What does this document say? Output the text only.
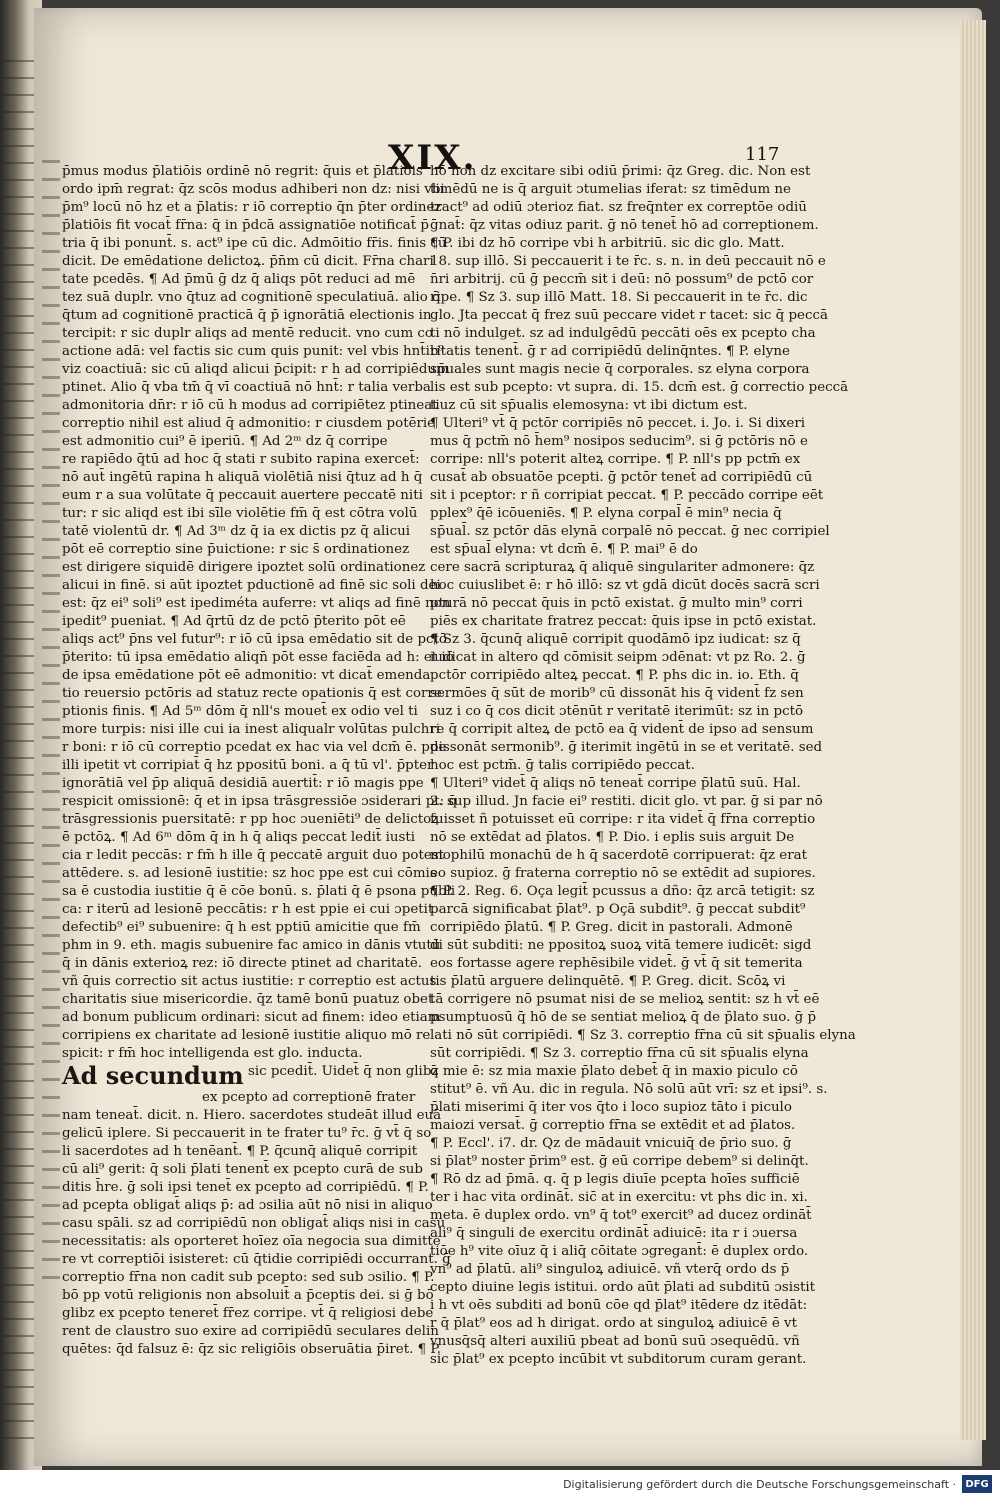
XIX.	117
p̄mus modus p̄latiōis ordinē nō regrit: q̄uis et p̄latiōis
ordo ipm̄ regrat: q̄z scōs modus adhiberi non dz: nisi vbi
p̄m⁹ locū nō hz et a p̄latis: r iō correptio q̄n p̄ter ordinez
p̄latiōis fit vocat̄ fr̄na: q̄ in p̄dcā assignatiōe notificat̄ p̄
tria q̄ ibi ponunt̄. s. act⁹ ipe cū dic. Admōitio fr̄is. finis cū
dicit. De emēdatione delictoꝝ. p̄n̄m cū dicit. Fr̄na chari
tate pcedēs. ¶ Ad p̄mū ḡ dz q̄ aliqs pōt reduci ad mē
tez suā duplr. vno q̄tuz ad cognitionē speculatiuā. alio q̄
q̄tum ad cognitionē practicā q̄ p̄ ignorātiā electionis in
tercipit: r sic duplr aliqs ad mentē reducit. vno cum co
actione adā: vel factis sic cum quis punit: vel vbis hnt̄ib⁹
viz coactiuā: sic cū aliqd alicui p̄cipit: r h ad corripiēdum
ptinet. Alio q̄ vba tm̄ q̄ vī coactiuā nō hnt̄: r talia verba
admonitoria dn̄r: r iō cū h modus ad corripiētez ptineat
correptio nihil est aliud q̄ admonitio: r ciusdem potērie
est admonitio cui⁹ ē iperiū. ¶ Ad 2ᵐ dz q̄ corripe
re rapiēdo q̄tū ad hoc q̄ stati r subito rapina exercet̄:
nō aut̄ ingētū rapina h aliquā violētiā nisi q̄tuz ad h q̄
eum r a sua volūtate q̄ peccauit auertere peccatē niti
tur: r sic aliqd est ibi sīle violētie fm̄ q̄ est cōtra volū
tatē violentū dr. ¶ Ad 3ᵐ dz q̄ ia ex dictis pz q̄ alicui
pōt eē correptio sine p̄uictione: r sic s̄ ordinationez
est dirigere siquidē dirigere ipoztet solū ordinationez
alicui in finē. si aūt ipoztet pductionē ad finē sic soli dei
est: q̄z ei⁹ soli⁹ est ipediméta auferre: vt aliqs ad finē non
ipedit⁹ pueniat. ¶ Ad q̄rtū dz de pctō p̄terito pōt eē
aliqs act⁹ p̄ns vel futur⁹: r iō cū ipsa emēdatio sit de pctō
p̄terito: tū ipsa emēdatio aliqn̄ pōt esse faciēda ad h: et iō
de ipsa emēdatione pōt eē admonitio: vt dicat̄ emenda
tio reuersio pctōris ad statuz recte opationis q̄ est corre
ptionis finis. ¶ Ad 5ᵐ dōm q̄ nll's mouet̄ ex odio vel ti
more turpis: nisi ille cui ia inest aliqualr volūtas pulchri
r boni: r iō cū correptio pcedat ex hac via vel dcm̄ ē. ppe
illi ipetit vt corripiat̄ q̄ hz ppositū boni. a q̄ tū vl'. p̄pter
ignorātiā vel p̄p aliquā desidiā auertit̄: r iō magis ppe
respicit omissionē: q̄ et in ipsa trāsgressiōe ɔsiderari pt: q̄
trāsgressionis puersitatē: r pp hoc ɔueniēti⁹ de delictoꝝ
ē pctōꝝ. ¶ Ad 6ᵐ dōm q̄ in h q̄ aliqs peccat ledit̄ iusti
cia r ledit peccās: r fm̄ h ille q̄ peccatē arguit duo potest
attēdere. s. ad lesionē iustitie: sz hoc ppe est cui cōmis
sa ē custodia iustitie q̄ ē cōe bonū. s. p̄lati q̄ ē psona publi
ca: r iterū ad lesionē peccātis: r h est ppie ei cui ɔpetit
defectib⁹ ei⁹ subuenire: q̄ h est pptiū amicitie que fm̄
phm in 9. eth. magis subuenire fac amico in dānis vtutū
q̄ in dānis exterioꝝ rez: iō directe ptinet ad charitatē.
vñ q̄uis correctio sit actus iustitie: r correptio est actus
charitatis siue misericordie. q̄z tamē bonū puatuz obet
ad bonum publicum ordinari: sicut ad finem: ideo etiam
corripiens ex charitate ad lesionē iustitie aliquo mō re
spicit: r fm̄ hoc intelligenda est glo. inducta.
Ad secundum sic pcedit̄. Uidet̄ q̄ non glibz
ex pcepto ad correptionē frater
nam teneat̄. dicit. n. Hiero. sacerdotes studeāt illud euā
gelicū iplere. Si peccauerit in te frater tu⁹ r̄c. ḡ vt̄ q̄ so
li sacerdotes ad h tenēant̄. ¶ P. q̄cunq̄ aliquē corripit
cū ali⁹ gerit: q̄ soli p̄lati tenent̄ ex pcepto curā de sub
ditis h̄re. ḡ soli ipsi tenet̄ ex pcepto ad corripiēdū. ¶ P.
ad pcepta obligat̄ aliqs p̄: ad ɔsilia aūt nō nisi in aliquo
casu spāli. sz ad corripiēdū non obligat̄ aliqs nisi in casu
necessitatis: als oporteret hoīez oīa negocia sua dimitte
re vt correptiōi isisteret: cū q̄tidie corripiēdi occurrant. ḡ
correptio fr̄na non cadit sub pcepto: sed sub ɔsilio. ¶ P.
bō pp votū religionis non absoluit̄ a p̄ceptis dei. si ḡ bō
glibz ex pcepto teneret̄ fr̄ez corripe. vt̄ q̄ religiosi debe
rent de claustro suo exire ad corripiēdū seculares delin
quētes: q̄d falsuz ē: q̄z sic religiōis obseruātia p̄iret. ¶ P.
hō non dz excitare sibi odiū p̄rimi: q̄z Greg. dic. Non est
timēdū ne is q̄ arguit ɔtumelias iferat: sz timēdum ne
tract⁹ ad odiū ɔterioz fiat. sz freq̄nter ex correptōe odiū
ḡnat̄: q̄z vitas odiuz parit. ḡ nō tenet̄ hō ad correptionem.
¶ P. ibi dz hō corripe vbi h arbitriū. sic dic glo. Matt.
18. sup illō. Si peccauerit i te r̄c. s. n. in deū peccauit nō e
n̄ri arbitrij. cū ḡ peccm̄ sit i deū: nō possum⁹ de pctō cor
ripe. ¶ Sz 3. sup illō Matt. 18. Si peccauerit in te r̄c. dic
glo. Jta peccat q̄ frez suū peccare videt r tacet: sic q̄ peccā
ti nō indulget. sz ad indulgēdū peccāti oēs ex pcepto cha
ritatis tenent̄. ḡ r ad corripiēdū delinq̄ntes. ¶ P. elyne
sp̄uales sunt magis necie q̄ corporales. sz elyna corpora
lis est sub pcepto: vt supra. di. 15. dcm̄ est. ḡ correctio peccā
tiuz cū sit sp̄ualis elemosyna: vt ibi dictum est.
¶ Ulteri⁹ vt̄ q̄ pctōr corripiēs nō peccet. i. Jo. i. Si dixeri
mus q̄ pctm̄ nō h̄em⁹ nosipos seducim⁹. si ḡ pctōris nō e
corripe: nll's poterit alteꝝ corripe. ¶ P. nll's pp pctm̄ ex
cusat̄ ab obsuatōe pcepti. ḡ pctōr tenet̄ ad corripiēdū cū
sit i pceptor: r ñ corripiat peccat. ¶ P. peccādo corripe eēt
pplex⁹ q̄ē icōueniēs. ¶ P. elyna corpal̄ ē min⁹ necia q̄
sp̄ual̄. sz pctōr dās elynā corpalē nō peccat. ḡ nec corripiel
est sp̄ual̄ elyna: vt dcm̄ ē. ¶ P. mai⁹ ē do
cere sacrā scripturaꝝ q̄ aliquē singulariter admonere: q̄z
hoc cuiuslibet ē: r hō illō: sz vt gdā dicūt docēs sacrā scri
pturā nō peccat q̄uis in pctō existat. ḡ multo min⁹ corri
piēs ex charitate fratrez peccat: q̄uis ipse in pctō existat.
¶ Sz 3. q̄cunq̄ aliquē corripit quodāmō ipz iudicat: sz q̄
iudicat in altero qd cōmisit seipm ɔdēnat: vt pz Ro. 2. ḡ
pctōr corripiēdo alteꝝ peccat. ¶ P. phs dic in. io. Eth. q̄
sermōes q̄ sūt de morib⁹ cū dissonāt his q̄ vident̄ fz sen
suz i co q̄ cos dicit ɔtēnūt r veritatē iterimūt: sz in pctō
re q̄ corripit alteꝝ de pctō ea q̄ vident̄ de ipso ad sensum
dissonāt sermonib⁹. ḡ iterimit ingētū in se et veritatē. sed
hoc est pctm̄. ḡ talis corripiēdo peccat.
¶ Ulteri⁹ videt̄ q̄ aliqs nō teneat̄ corripe p̄latū suū. Hal.
2. sup illud. Jn facie ei⁹ restiti. dicit glo. vt par. ḡ si par nō
fuisset ñ potuisset eū corripe: r ita videt̄ q̄ fr̄na correptio
nō se extēdat ad p̄latos. ¶ P. Dio. i eplis suis arguit De
mophilū monachū de h q̄ sacerdotē corripuerat: q̄z erat
eo supioz. ḡ fraterna correptio nō se extēdit ad supiores.
¶ P. 2. Reg. 6. Oça legit̄ pcussus a dño: q̄z arcā tetigit: sz
parcā significabat p̄lat⁹. p Oçā subdit⁹. ḡ peccat subdit⁹
corripiēdo p̄latū. ¶ P. Greg. dicit in pastorali. Admonē
di sūt subditi: ne ppositoꝝ suoꝝ vitā temere iudicēt: sigd
eos fortasse agere rephēsibile videt̄. ḡ vt̄ q̄ sit temerita
tis p̄latū arguere delinquētē. ¶ P. Greg. dicit. Scōꝝ vi
tā corrigere nō psumat nisi de se melioꝝ sentit: sz h vt̄ eē
psumptuosū q̄ hō de se sentiat melioꝝ q̄ de p̄lato suo. ḡ p̄
lati nō sūt corripiēdi. ¶ Sz 3. correptio fr̄na cū sit sp̄ualis elyna
sūt corripiēdi. ¶ Sz 3. correptio fr̄na cū sit sp̄ualis elyna
q̄ mie ē: sz mia maxie p̄lato debet̄ q̄ in maxio piculo cō
stitut⁹ ē. vñ Au. dic in regula. Nō solū aūt vrī: sz et ipsi⁹. s.
p̄lati miserimi q̄ iter vos q̄to i loco supioz tāto i piculo
maiozi versat̄. ḡ correptio fr̄na se extēdit et ad p̄latos.
¶ P. Eccl'. i7. dr. Qz de mādauit vnicuiq̄ de p̄rio suo. ḡ
si p̄lat⁹ noster p̄rim⁹ est. ḡ eū corripe debem⁹ si delinq̄t.
¶ Rō dz ad p̄mā. q. q̄ p legis diuīe pcepta hoīes sufficiē
ter i hac vita ordināt̄. sic̄ at in exercitu: vt phs dic in. xi.
meta. ē duplex ordo. vn⁹ q̄ tot⁹ exercit⁹ ad ducez ordināt̄
ali⁹ q̄ singuli de exercitu ordināt̄ adiuicē: ita r i ɔuersa
tiōe h⁹ vite oīuz q̄ i aliq̄ cōitate ɔgregant̄: ē duplex ordo.
vn⁹ ad p̄latū. ali⁹ singuloꝝ adiuicē. vñ vterq̄ ordo ds p̄
cepto diuine legis istitui. ordo aūt p̄lati ad subditū ɔsistit
i h vt oēs subditi ad bonū cōe qd p̄lat⁹ itēdere dz itēdāt:
r q̄ p̄lat⁹ eos ad h dirigat. ordo at singuloꝝ adiuicē ē vt
vnusq̄sq̄ alteri auxiliū pbeat ad bonū suū ɔsequēdū. vñ
sic p̄lat⁹ ex pcepto incūbit vt subditorum curam gerant.
Digitalisierung gefördert durch die Deutsche Forschungsgemeinschaft · DFG
